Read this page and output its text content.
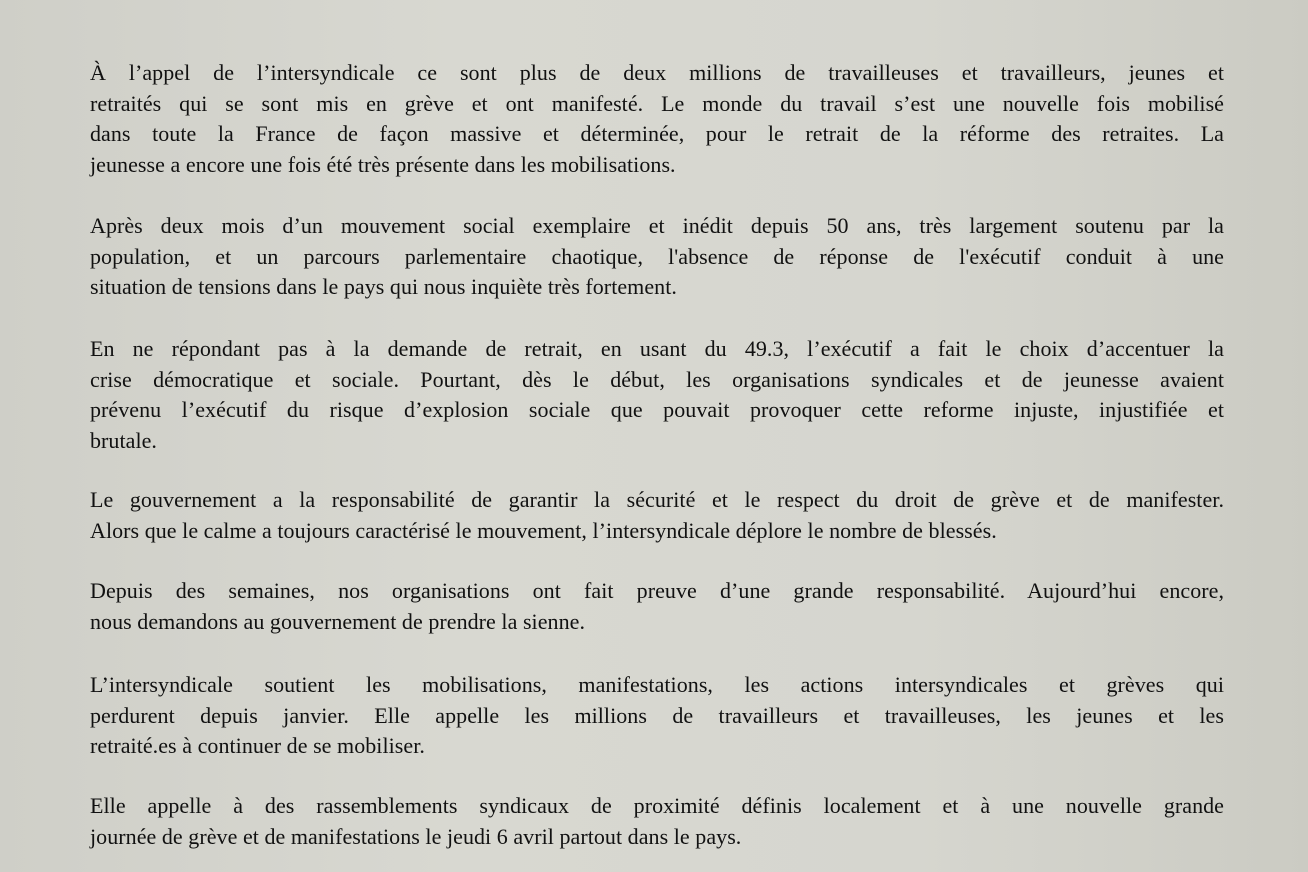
À l’appel de l’intersyndicale ce sont plus de deux millions de travailleuses et travailleurs, jeunes et
retraités qui se sont mis en grève et ont manifesté. Le monde du travail s’est une nouvelle fois mobilisé
dans toute la France de façon massive et déterminée, pour le retrait de la réforme des retraites. La
jeunesse a encore une fois été très présente dans les mobilisations.
Après deux mois d’un mouvement social exemplaire et inédit depuis 50 ans, très largement soutenu par la
population, et un parcours parlementaire chaotique, l'absence de réponse de l'exécutif conduit à une
situation de tensions dans le pays qui nous inquiète très fortement.
En ne répondant pas à la demande de retrait, en usant du 49.3, l’exécutif a fait le choix d’accentuer la
crise démocratique et sociale. Pourtant, dès le début, les organisations syndicales et de jeunesse avaient
prévenu l’exécutif du risque d’explosion sociale que pouvait provoquer cette reforme injuste, injustifiée et
brutale.
Le gouvernement a la responsabilité de garantir la sécurité et le respect du droit de grève et de manifester.
Alors que le calme a toujours caractérisé le mouvement, l’intersyndicale déplore le nombre de blessés.
Depuis des semaines, nos organisations ont fait preuve d’une grande responsabilité. Aujourd’hui encore,
nous demandons au gouvernement de prendre la sienne.
L’intersyndicale soutient les mobilisations, manifestations, les actions intersyndicales et grèves qui
perdurent depuis janvier. Elle appelle les millions de travailleurs et travailleuses, les jeunes et les
retraité.es à continuer de se mobiliser.
Elle appelle à des rassemblements syndicaux de proximité définis localement et à une nouvelle grande
journée de grève et de manifestations le jeudi 6 avril partout dans le pays.
